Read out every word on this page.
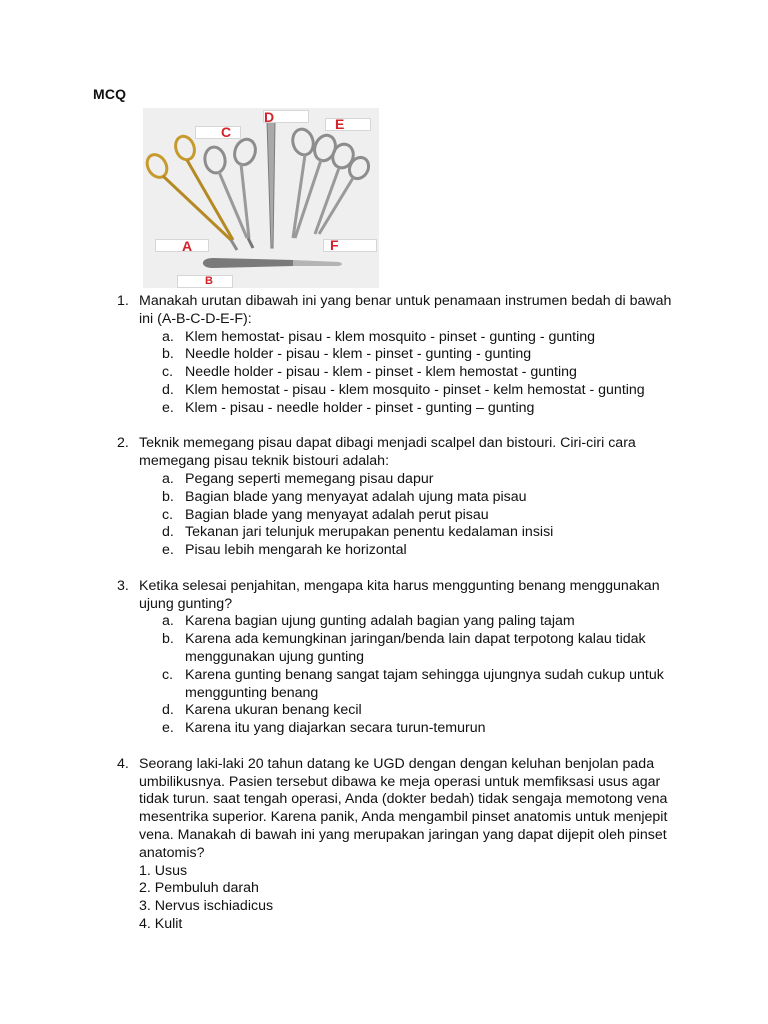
MCQ
C
D	E
A	F
B
1. Manakah urutan dibawah ini yang benar untuk penamaan instrumen bedah di bawah ini (A-B-C-D-E-F):
a. Klem hemostat- pisau - klem mosquito - pinset - gunting - gunting
b. Needle holder - pisau - klem - pinset - gunting - gunting
c. Needle holder - pisau - klem - pinset - klem hemostat - gunting
d. Klem hemostat - pisau - klem mosquito - pinset - kelm hemostat - gunting
e. Klem - pisau - needle holder - pinset - gunting – gunting
2. Teknik memegang pisau dapat dibagi menjadi scalpel dan bistouri. Ciri-ciri cara memegang pisau teknik bistouri adalah:
a. Pegang seperti memegang pisau dapur
b. Bagian blade yang menyayat adalah ujung mata pisau
c. Bagian blade yang menyayat adalah perut pisau
d. Tekanan jari telunjuk merupakan penentu kedalaman insisi
e. Pisau lebih mengarah ke horizontal
3. Ketika selesai penjahitan, mengapa kita harus menggunting benang menggunakan ujung gunting?
a. Karena bagian ujung gunting adalah bagian yang paling tajam
b. Karena ada kemungkinan jaringan/benda lain dapat terpotong kalau tidak menggunakan ujung gunting
c. Karena gunting benang sangat tajam sehingga ujungnya sudah cukup untuk menggunting benang
d. Karena ukuran benang kecil
e. Karena itu yang diajarkan secara turun-temurun
4. Seorang laki-laki 20 tahun datang ke UGD dengan dengan keluhan benjolan pada umbilikusnya. Pasien tersebut dibawa ke meja operasi untuk memfiksasi usus agar tidak turun. saat tengah operasi, Anda (dokter bedah) tidak sengaja memotong vena mesentrika superior. Karena panik, Anda mengambil pinset anatomis untuk menjepit vena. Manakah di bawah ini yang merupakan jaringan yang dapat dijepit oleh pinset anatomis?
1. Usus
2. Pembuluh darah
3. Nervus ischiadicus
4. Kulit
